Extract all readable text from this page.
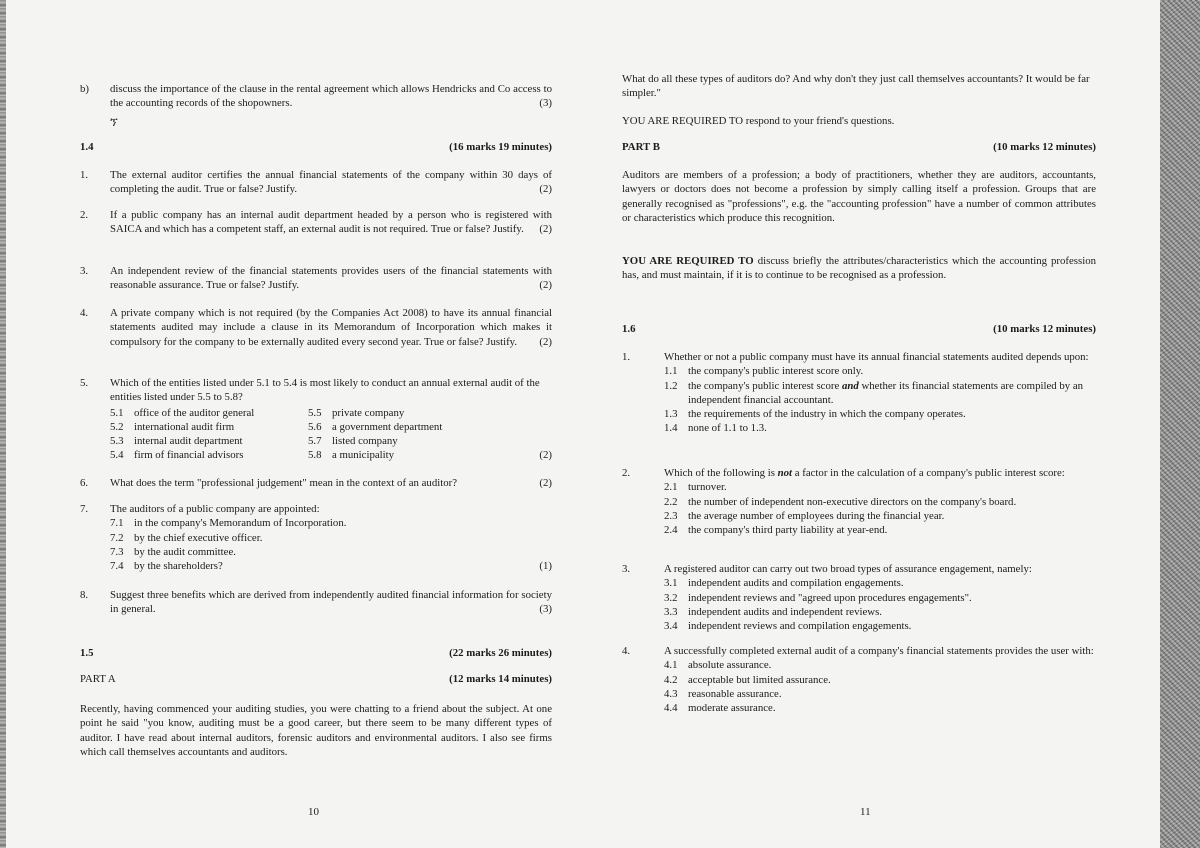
b)	discuss the importance of the clause in the rental agreement which allows Hendricks and Co access to the accounting records of the shopowners.	(3)
ኘ
1.4	(16 marks 19 minutes)
1.	The external auditor certifies the annual financial statements of the company within 30 days of completing the audit. True or false? Justify.	(2)
2.	If a public company has an internal audit department headed by a person who is registered with SAICA and which has a competent staff, an external audit is not required. True or false? Justify. (2)
3.	An independent review of the financial statements provides users of the financial statements with reasonable assurance. True or false? Justify.	(2)
4.	A private company which is not required (by the Companies Act 2008) to have its annual financial statements audited may include a clause in its Memorandum of Incorporation which makes it compulsory for the company to be externally audited every second year. True or false? Justify. (2)
5.	Which of the entities listed under 5.1 to 5.4 is most likely to conduct an annual external audit of the entities listed under 5.5 to 5.8?
5.1 office of the auditor general	5.5 private company
5.2 international audit firm	5.6 a government department
5.3 internal audit department	5.7 listed company
5.4 firm of financial advisors	5.8 a municipality	(2)
6.	What does the term "professional judgement" mean in the context of an auditor?	(2)
7.	The auditors of a public company are appointed:
7.1 in the company's Memorandum of Incorporation.
7.2 by the chief executive officer.
7.3 by the audit committee.
7.4 by the shareholders?	(1)
8.	Suggest three benefits which are derived from independently audited financial information for society in general.	(3)
1.5	(22 marks 26 minutes)
PART A	(12 marks 14 minutes)
Recently, having commenced your auditing studies, you were chatting to a friend about the subject. At one point he said "you know, auditing must be a good career, but there seem to be many different types of auditor. I have read about internal auditors, forensic auditors and environmental auditors. I also see firms which call themselves accountants and auditors.
10
What do all these types of auditors do? And why don't they just call themselves accountants? It would be far simpler."
YOU ARE REQUIRED TO respond to your friend's questions.
PART B	(10 marks 12 minutes)
Auditors are members of a profession; a body of practitioners, whether they are auditors, accountants, lawyers or doctors does not become a profession by simply calling itself a profession. Groups that are generally recognised as "professions", e.g. the "accounting profession" have a number of common attributes or characteristics which produce this recognition.
YOU ARE REQUIRED TO discuss briefly the attributes/characteristics which the accounting profession has, and must maintain, if it is to continue to be recognised as a profession.
1.6	(10 marks 12 minutes)
1.	Whether or not a public company must have its annual financial statements audited depends upon:
1.1 the company's public interest score only.
1.2 the company's public interest score and whether its financial statements are compiled by an independent financial accountant.
1.3 the requirements of the industry in which the company operates.
1.4 none of 1.1 to 1.3.
2.	Which of the following is not a factor in the calculation of a company's public interest score:
2.1 turnover.
2.2 the number of independent non-executive directors on the company's board.
2.3 the average number of employees during the financial year.
2.4 the company's third party liability at year-end.
3.	A registered auditor can carry out two broad types of assurance engagement, namely:
3.1 independent audits and compilation engagements.
3.2 independent reviews and "agreed upon procedures engagements".
3.3 independent audits and independent reviews.
3.4 independent reviews and compilation engagements.
4.	A successfully completed external audit of a company's financial statements provides the user with:
4.1 absolute assurance.
4.2 acceptable but limited assurance.
4.3 reasonable assurance.
4.4 moderate assurance.
11
